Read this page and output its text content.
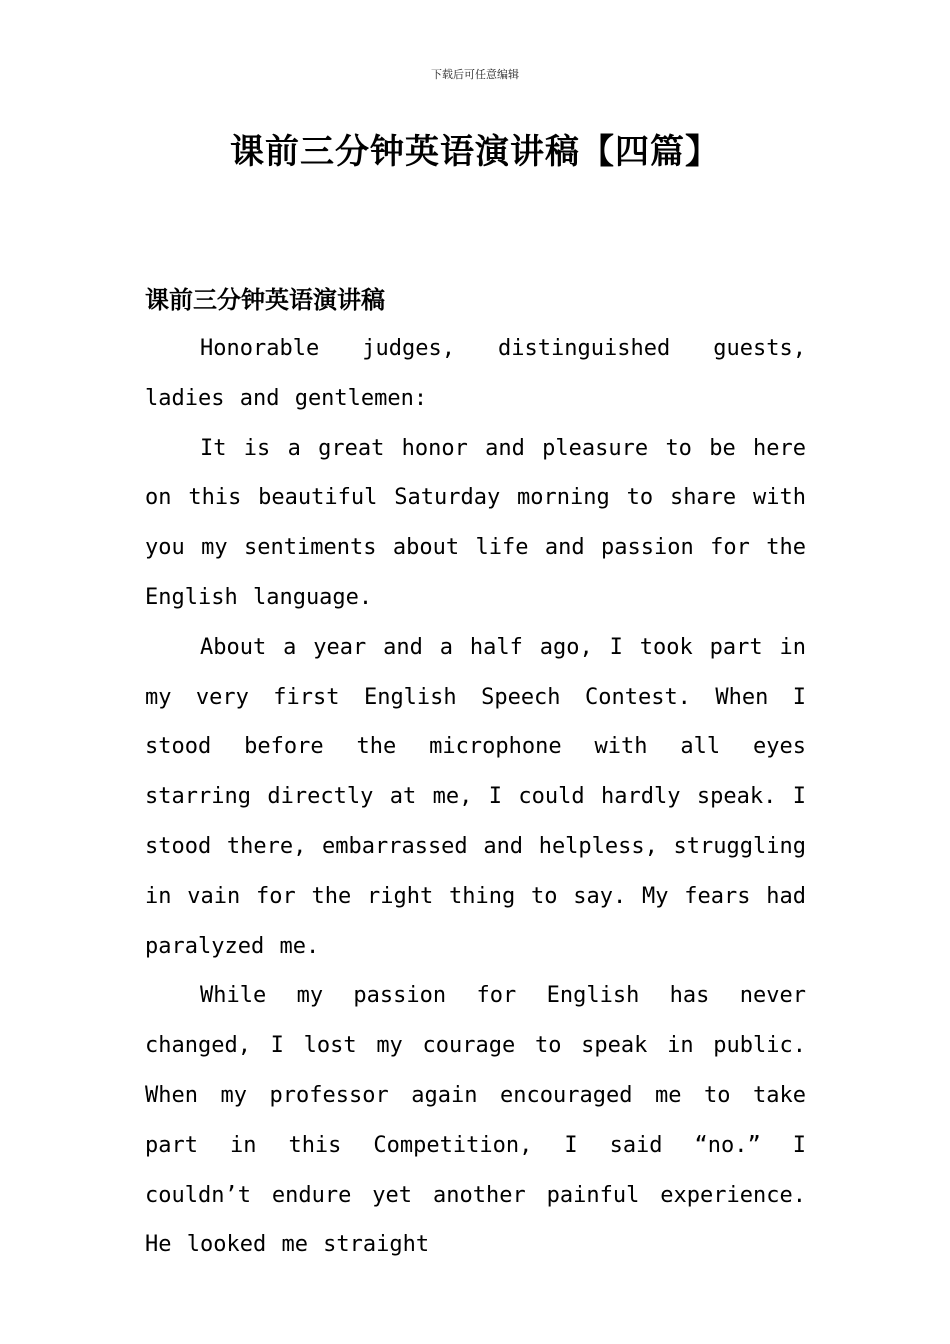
下载后可任意编辑
课前三分钟英语演讲稿【四篇】
课前三分钟英语演讲稿

Honorable judges, distinguished guests, ladies and gentlemen:

It is a great honor and pleasure to be here on this beautiful Saturday morning to share with you my sentiments about life and passion for the English language.

About a year and a half ago, I took part in my very first English Speech Contest. When I stood before the microphone with all eyes starring directly at me, I could hardly speak. I stood there, embarrassed and helpless, struggling in vain for the right thing to say. My fears had paralyzed me.

While my passion for English has never changed, I lost my courage to speak in public. When my professor again encouraged me to take part in this Competition, I said “no.” I couldn’t endure yet another painful experience. He looked me straight
